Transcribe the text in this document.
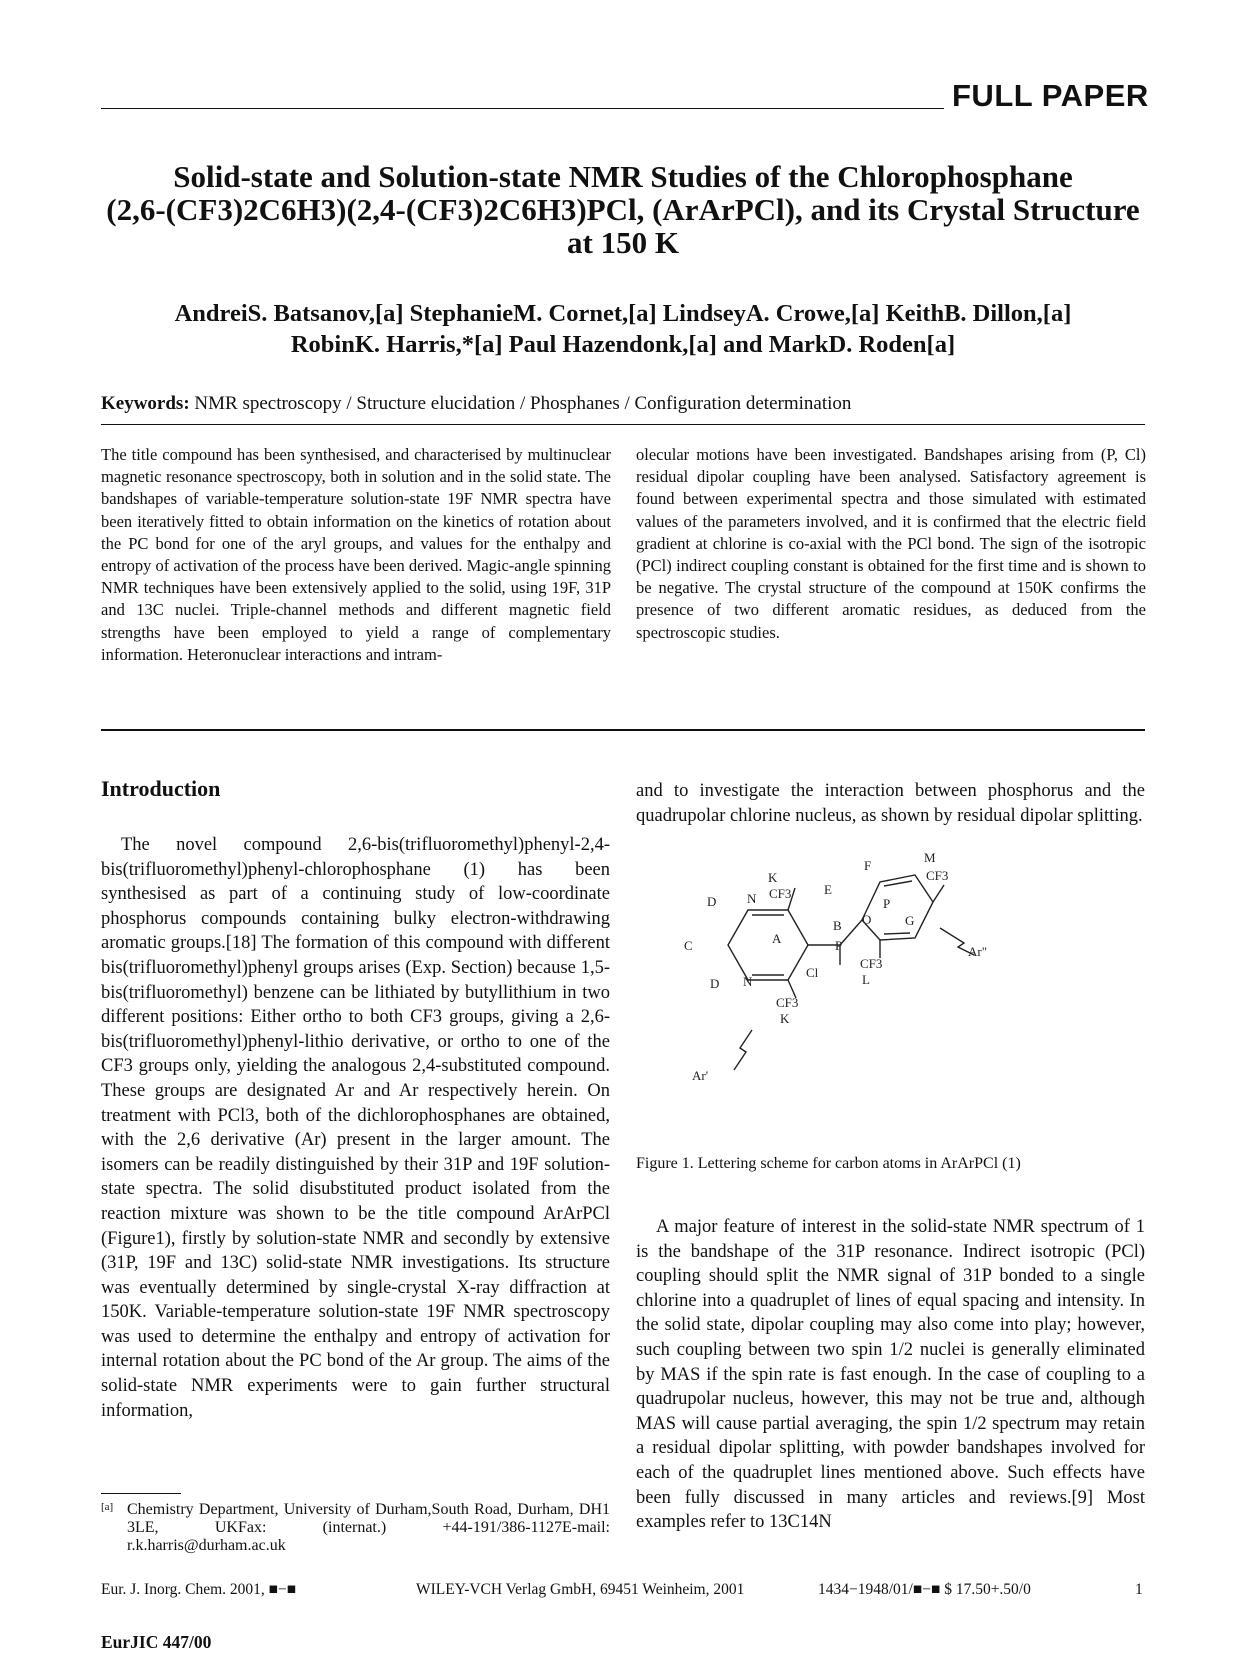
FULL PAPER
Solid-state and Solution-state NMR Studies of the Chlorophosphane
(2,6-(CF3)2C6H3)(2,4-(CF3)2C6H3)PCl, (ArArPCl), and its Crystal Structure
at 150 K
AndreiS. Batsanov,[a] StephanieM. Cornet,[a] LindseyA. Crowe,[a] KeithB. Dillon,[a]
RobinK. Harris,*[a] Paul Hazendonk,[a] and MarkD. Roden[a]
Keywords: NMR spectroscopy / Structure elucidation / Phosphanes / Configuration determination
The title compound has been synthesised, and characterised by multinuclear magnetic resonance spectroscopy, both in solution and in the solid state. The bandshapes of variable-temperature solution-state 19F NMR spectra have been iteratively fitted to obtain information on the kinetics of rotation about the PC bond for one of the aryl groups, and values for the enthalpy and entropy of activation of the process have been derived. Magic-angle spinning NMR techniques have been extensively applied to the solid, using 19F, 31P and 13C nuclei. Triple-channel methods and different magnetic field strengths have been employed to yield a range of complementary information. Heteronuclear interactions and intram-
olecular motions have been investigated. Bandshapes arising from (P, Cl) residual dipolar coupling have been analysed. Satisfactory agreement is found between experimental spectra and those simulated with estimated values of the parameters involved, and it is confirmed that the electric field gradient at chlorine is co-axial with the PCl bond. The sign of the isotropic (PCl) indirect coupling constant is obtained for the first time and is shown to be negative. The crystal structure of the compound at 150K confirms the presence of two different aromatic residues, as deduced from the spectroscopic studies.
Introduction
The novel compound 2,6-bis(trifluoromethyl)phenyl-2,4-bis(trifluoromethyl)phenyl-chlorophosphane (1) has been synthesised as part of a continuing study of low-coordinate phosphorus compounds containing bulky electron-withdrawing aromatic groups.[18] The formation of this compound with different bis(trifluoromethyl)phenyl groups arises (Exp. Section) because 1,5-bis(trifluoromethyl) benzene can be lithiated by butyllithium in two different positions: Either ortho to both CF3 groups, giving a 2,6-bis(trifluoromethyl)phenyl-lithio derivative, or ortho to one of the CF3 groups only, yielding the analogous 2,4-substituted compound. These groups are designated Ar and Ar respectively herein. On treatment with PCl3, both of the dichlorophosphanes are obtained, with the 2,6 derivative (Ar) present in the larger amount. The isomers can be readily distinguished by their 31P and 19F solution-state spectra. The solid disubstituted product isolated from the reaction mixture was shown to be the title compound ArArPCl (Figure1), firstly by solution-state NMR and secondly by extensive (31P, 19F and 13C) solid-state NMR investigations. Its structure was eventually determined by single-crystal X-ray diffraction at 150K. Variable-temperature solution-state 19F NMR spectroscopy was used to determine the enthalpy and entropy of activation for internal rotation about the PC bond of the Ar group. The aims of the solid-state NMR experiments were to gain further structural information,
and to investigate the interaction between phosphorus and the quadrupolar chlorine nucleus, as shown by residual dipolar splitting.
K
CF3
D N
E
F
M
CF3
P
A
C
B O	G
P	Ar"
D N
Cl
CF3
L
CF3
K
Ar'
Figure 1. Lettering scheme for carbon atoms in ArArPCl (1)
A major feature of interest in the solid-state NMR spectrum of 1 is the bandshape of the 31P resonance. Indirect isotropic (PCl) coupling should split the NMR signal of 31P bonded to a single chlorine into a quadruplet of lines of equal spacing and intensity. In the solid state, dipolar coupling may also come into play; however, such coupling between two spin 1/2 nuclei is generally eliminated by MAS if the spin rate is fast enough. In the case of coupling to a quadrupolar nucleus, however, this may not be true and, although MAS will cause partial averaging, the spin 1/2 spectrum may retain a residual dipolar splitting, with powder bandshapes involved for each of the quadruplet lines mentioned above. Such effects have been fully discussed in many articles and reviews.[9] Most examples refer to 13C14N
[a] Chemistry Department, University of Durham,South Road, Durham, DH1 3LE, UKFax: (internat.) +44-191/386-1127E-mail: r.k.harris@durham.ac.uk
Eur. J. Inorg. Chem. 2001, ■−■	WILEY-VCH Verlag GmbH, 69451 Weinheim, 2001	1434−1948/01/■−■ $ 17.50+.50/0	1
EurJIC 447/00
